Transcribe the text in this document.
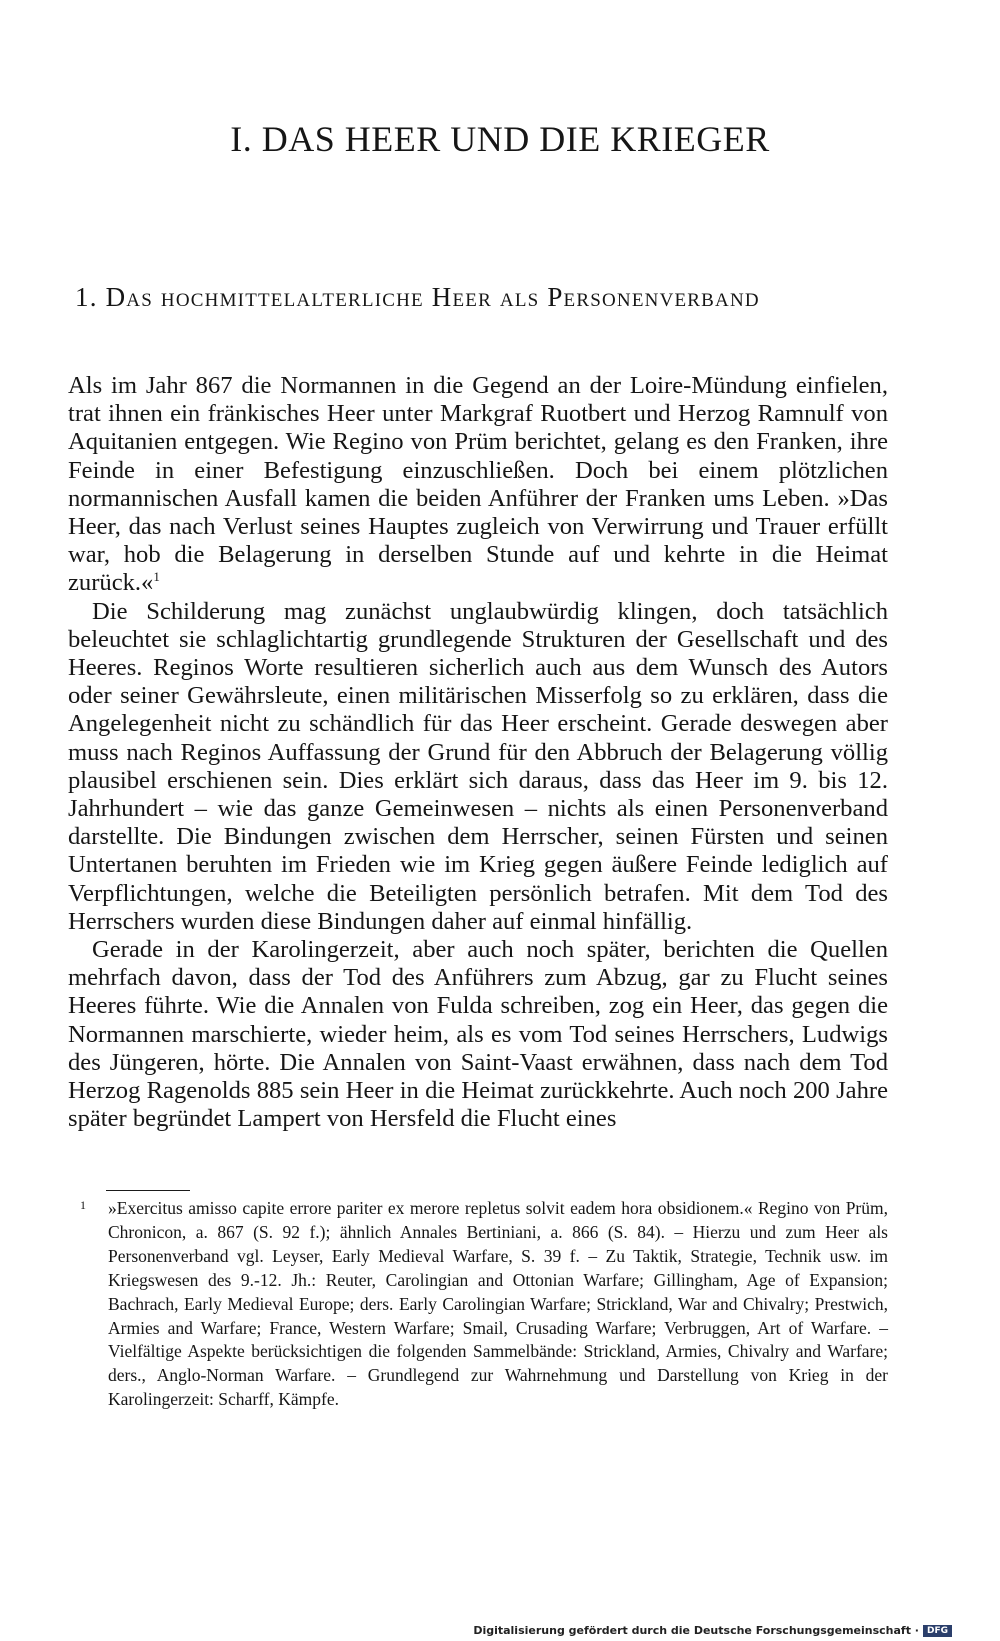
I. DAS HEER UND DIE KRIEGER
1. Das hochmittelalterliche Heer als Personenverband

Als im Jahr 867 die Normannen in die Gegend an der Loire-Mündung einfielen, trat ihnen ein fränkisches Heer unter Markgraf Ruotbert und Herzog Ramnulf von Aquitanien entgegen. Wie Regino von Prüm berichtet, gelang es den Franken, ihre Feinde in einer Befestigung einzuschließen. Doch bei einem plötzlichen normannischen Ausfall kamen die beiden Anführer der Franken ums Leben. »Das Heer, das nach Verlust seines Hauptes zugleich von Verwirrung und Trauer erfüllt war, hob die Belagerung in derselben Stunde auf und kehrte in die Heimat zurück.«$^1$

Die Schilderung mag zunächst unglaubwürdig klingen, doch tatsächlich beleuchtet sie schlaglichtartig grundlegende Strukturen der Gesellschaft und des Heeres. Reginos Worte resultieren sicherlich auch aus dem Wunsch des Autors oder seiner Gewährsleute, einen militärischen Misserfolg so zu erklären, dass die Angelegenheit nicht zu schändlich für das Heer erscheint. Gerade deswegen aber muss nach Reginos Auffassung der Grund für den Abbruch der Belagerung völlig plausibel erschienen sein. Dies erklärt sich daraus, dass das Heer im 9. bis 12. Jahrhundert – wie das ganze Gemeinwesen – nichts als einen Personenverband darstellte. Die Bindungen zwischen dem Herrscher, seinen Fürsten und seinen Untertanen beruhten im Frieden wie im Krieg gegen äußere Feinde lediglich auf Verpflichtungen, welche die Beteiligten persönlich betrafen. Mit dem Tod des Herrschers wurden diese Bindungen daher auf einmal hinfällig.

Gerade in der Karolingerzeit, aber auch noch später, berichten die Quellen mehrfach davon, dass der Tod des Anführers zum Abzug, gar zu Flucht seines Heeres führte. Wie die Annalen von Fulda schreiben, zog ein Heer, das gegen die Normannen marschierte, wieder heim, als es vom Tod seines Herrschers, Ludwigs des Jüngeren, hörte. Die Annalen von Saint-Vaast erwähnen, dass nach dem Tod Herzog Ragenolds 885 sein Heer in die Heimat zurückkehrte. Auch noch 200 Jahre später begründet Lampert von Hersfeld die Flucht eines

1 »Exercitus amisso capite errore pariter ex merore repletus solvit eadem hora obsidionem.« Regino von Prüm, Chronicon, a. 867 (S. 92 f.); ähnlich Annales Bertiniani, a. 866 (S. 84). – Hierzu und zum Heer als Personenverband vgl. Leyser, Early Medieval Warfare, S. 39 f. – Zu Taktik, Strategie, Technik usw. im Kriegswesen des 9.-12. Jh.: Reuter, Carolingian and Ottonian Warfare; Gillingham, Age of Expansion; Bachrach, Early Medieval Europe; ders. Early Carolingian Warfare; Strickland, War and Chivalry; Prestwich, Armies and Warfare; France, Western Warfare; Smail, Crusading Warfare; Verbruggen, Art of Warfare. – Vielfältige Aspekte berücksichtigen die folgenden Sammelbände: Strickland, Armies, Chivalry and Warfare; ders., Anglo-Norman Warfare. – Grundlegend zur Wahrnehmung und Darstellung von Krieg in der Karolingerzeit: Scharff, Kämpfe.
Digitalisierung gefördert durch die Deutsche Forschungsgemeinschaft · DFG
